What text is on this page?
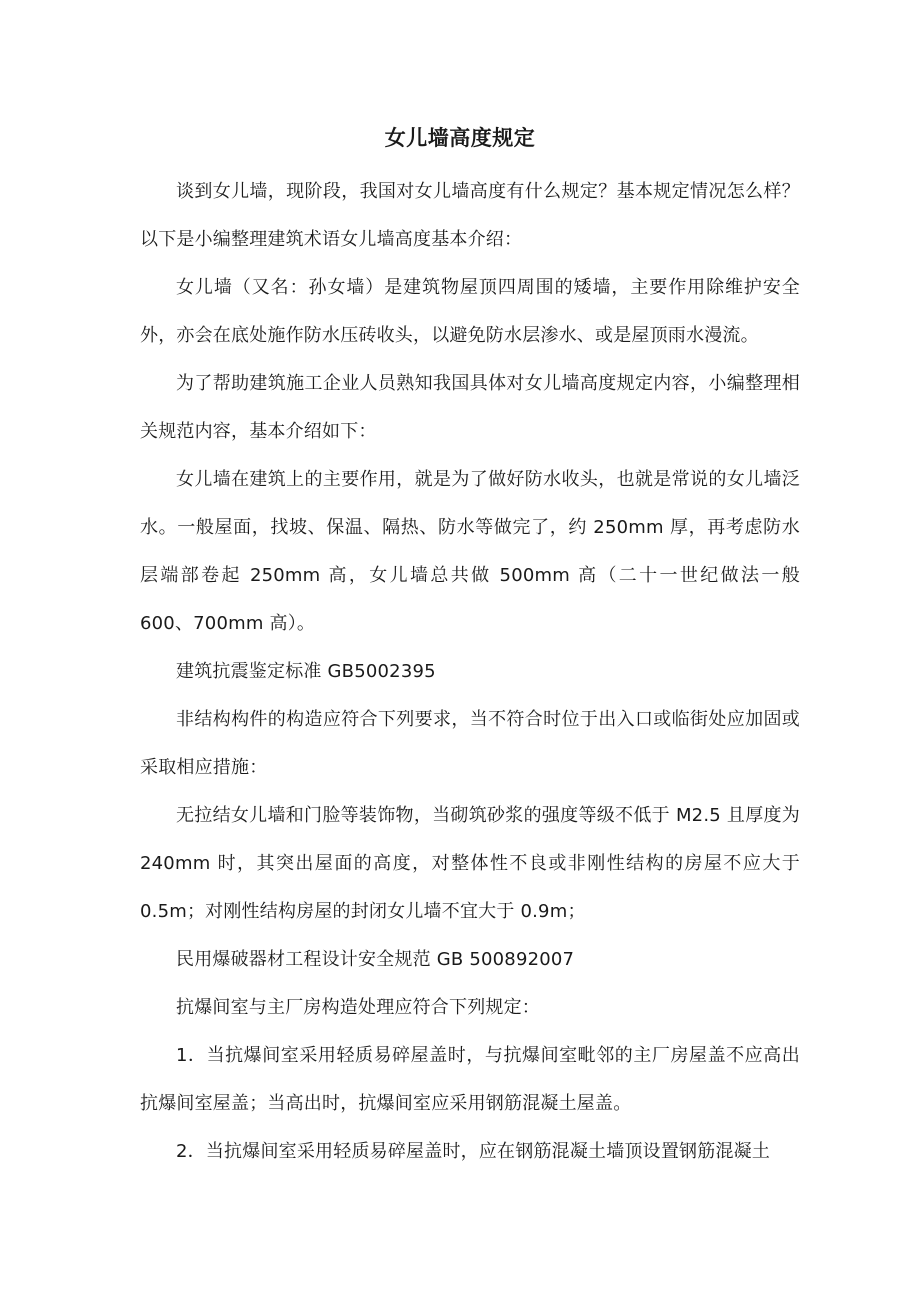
女儿墙高度规定

谈到女儿墙，现阶段，我国对女儿墙高度有什么规定？基本规定情况怎么样？以下是小编整理建筑术语女儿墙高度基本介绍：

女儿墙（又名：孙女墙）是建筑物屋顶四周围的矮墙，主要作用除维护安全外，亦会在底处施作防水压砖收头，以避免防水层渗水、或是屋顶雨水漫流。

为了帮助建筑施工企业人员熟知我国具体对女儿墙高度规定内容，小编整理相关规范内容，基本介绍如下：

女儿墙在建筑上的主要作用，就是为了做好防水收头，也就是常说的女儿墙泛水。一般屋面，找坡、保温、隔热、防水等做完了，约 250mm 厚，再考虑防水层端部卷起 250mm 高，女儿墙总共做 500mm 高（二十一世纪做法一般 600、700mm 高）。

建筑抗震鉴定标准 GB5002395

非结构构件的构造应符合下列要求，当不符合时位于出入口或临街处应加固或采取相应措施：

无拉结女儿墙和门脸等装饰物，当砌筑砂浆的强度等级不低于 M2.5 且厚度为 240mm 时，其突出屋面的高度，对整体性不良或非刚性结构的房屋不应大于 0.5m；对刚性结构房屋的封闭女儿墙不宜大于 0.9m；

民用爆破器材工程设计安全规范 GB 500892007

抗爆间室与主厂房构造处理应符合下列规定：

1．当抗爆间室采用轻质易碎屋盖时，与抗爆间室毗邻的主厂房屋盖不应高出抗爆间室屋盖；当高出时，抗爆间室应采用钢筋混凝土屋盖。

2．当抗爆间室采用轻质易碎屋盖时，应在钢筋混凝土墙顶设置钢筋混凝土
